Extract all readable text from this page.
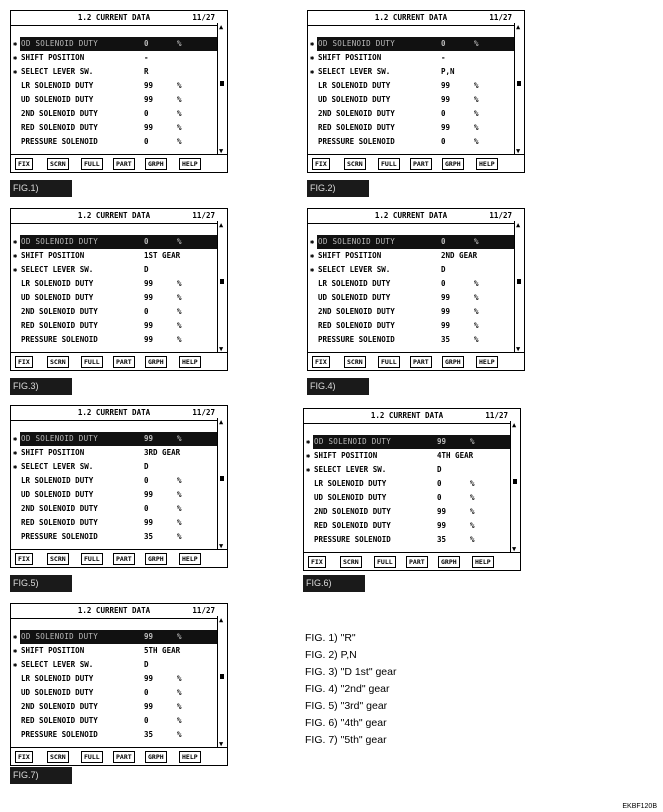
1.2 CURRENT DATA	11/27
▲
▼
✱ OD SOLENOID DUTY	0	%
✱ SHIFT POSITION	-
✱ SELECT LEVER SW.	R
LR SOLENOID DUTY	99	%
UD SOLENOID DUTY	99	%
2ND SOLENOID DUTY	0	%
RED SOLENOID DUTY	99	%
PRESSURE SOLENOID	0	%
FIX	SCRN	FULL	PART	GRPH	HELP
FIG.1)
1.2 CURRENT DATA	11/27
▲
▼
✱ OD SOLENOID DUTY	0	%
✱ SHIFT POSITION	-
✱ SELECT LEVER SW.	P,N
LR SOLENOID DUTY	99	%
UD SOLENOID DUTY	99	%
2ND SOLENOID DUTY	0	%
RED SOLENOID DUTY	99	%
PRESSURE SOLENOID	0	%
FIX	SCRN	FULL	PART	GRPH	HELP
FIG.2)
1.2 CURRENT DATA	11/27
▲
▼
✱ OD SOLENOID DUTY	0	%
✱ SHIFT POSITION	1ST GEAR
✱ SELECT LEVER SW.	D
LR SOLENOID DUTY	99	%
UD SOLENOID DUTY	99	%
2ND SOLENOID DUTY	0	%
RED SOLENOID DUTY	99	%
PRESSURE SOLENOID	99	%
FIX	SCRN	FULL	PART	GRPH	HELP
FIG.3)
1.2 CURRENT DATA	11/27
▲
▼
✱ OD SOLENOID DUTY	0	%
✱ SHIFT POSITION	2ND GEAR
✱ SELECT LEVER SW.	D
LR SOLENOID DUTY	0	%
UD SOLENOID DUTY	99	%
2ND SOLENOID DUTY	99	%
RED SOLENOID DUTY	99	%
PRESSURE SOLENOID	35	%
FIX	SCRN	FULL	PART	GRPH	HELP
FIG.4)
1.2 CURRENT DATA	11/27
▲
▼
✱ OD SOLENOID DUTY	99	%
✱ SHIFT POSITION	3RD GEAR
✱ SELECT LEVER SW.	D
LR SOLENOID DUTY	0	%
UD SOLENOID DUTY	99	%
2ND SOLENOID DUTY	0	%
RED SOLENOID DUTY	99	%
PRESSURE SOLENOID	35	%
FIX	SCRN	FULL	PART	GRPH	HELP
FIG.5)
1.2 CURRENT DATA	11/27
▲
▼
✱ OD SOLENOID DUTY	99	%
✱ SHIFT POSITION	4TH GEAR
✱ SELECT LEVER SW.	D
LR SOLENOID DUTY	0	%
UD SOLENOID DUTY	0	%
2ND SOLENOID DUTY	99	%
RED SOLENOID DUTY	99	%
PRESSURE SOLENOID	35	%
FIX	SCRN	FULL	PART	GRPH	HELP
FIG.6)
1.2 CURRENT DATA	11/27
▲
▼
✱ OD SOLENOID DUTY	99	%
✱ SHIFT POSITION	5TH GEAR
✱ SELECT LEVER SW.	D
LR SOLENOID DUTY	99	%
UD SOLENOID DUTY	0	%
2ND SOLENOID DUTY	99	%
RED SOLENOID DUTY	0	%
PRESSURE SOLENOID	35	%
FIX	SCRN	FULL	PART	GRPH	HELP
FIG.7)
FIG. 1) "R"
FIG. 2) P,N
FIG. 3) "D 1st" gear
FIG. 4) "2nd" gear
FIG. 5) "3rd" gear
FIG. 6) "4th" gear
FIG. 7) "5th" gear
EKBF120B
